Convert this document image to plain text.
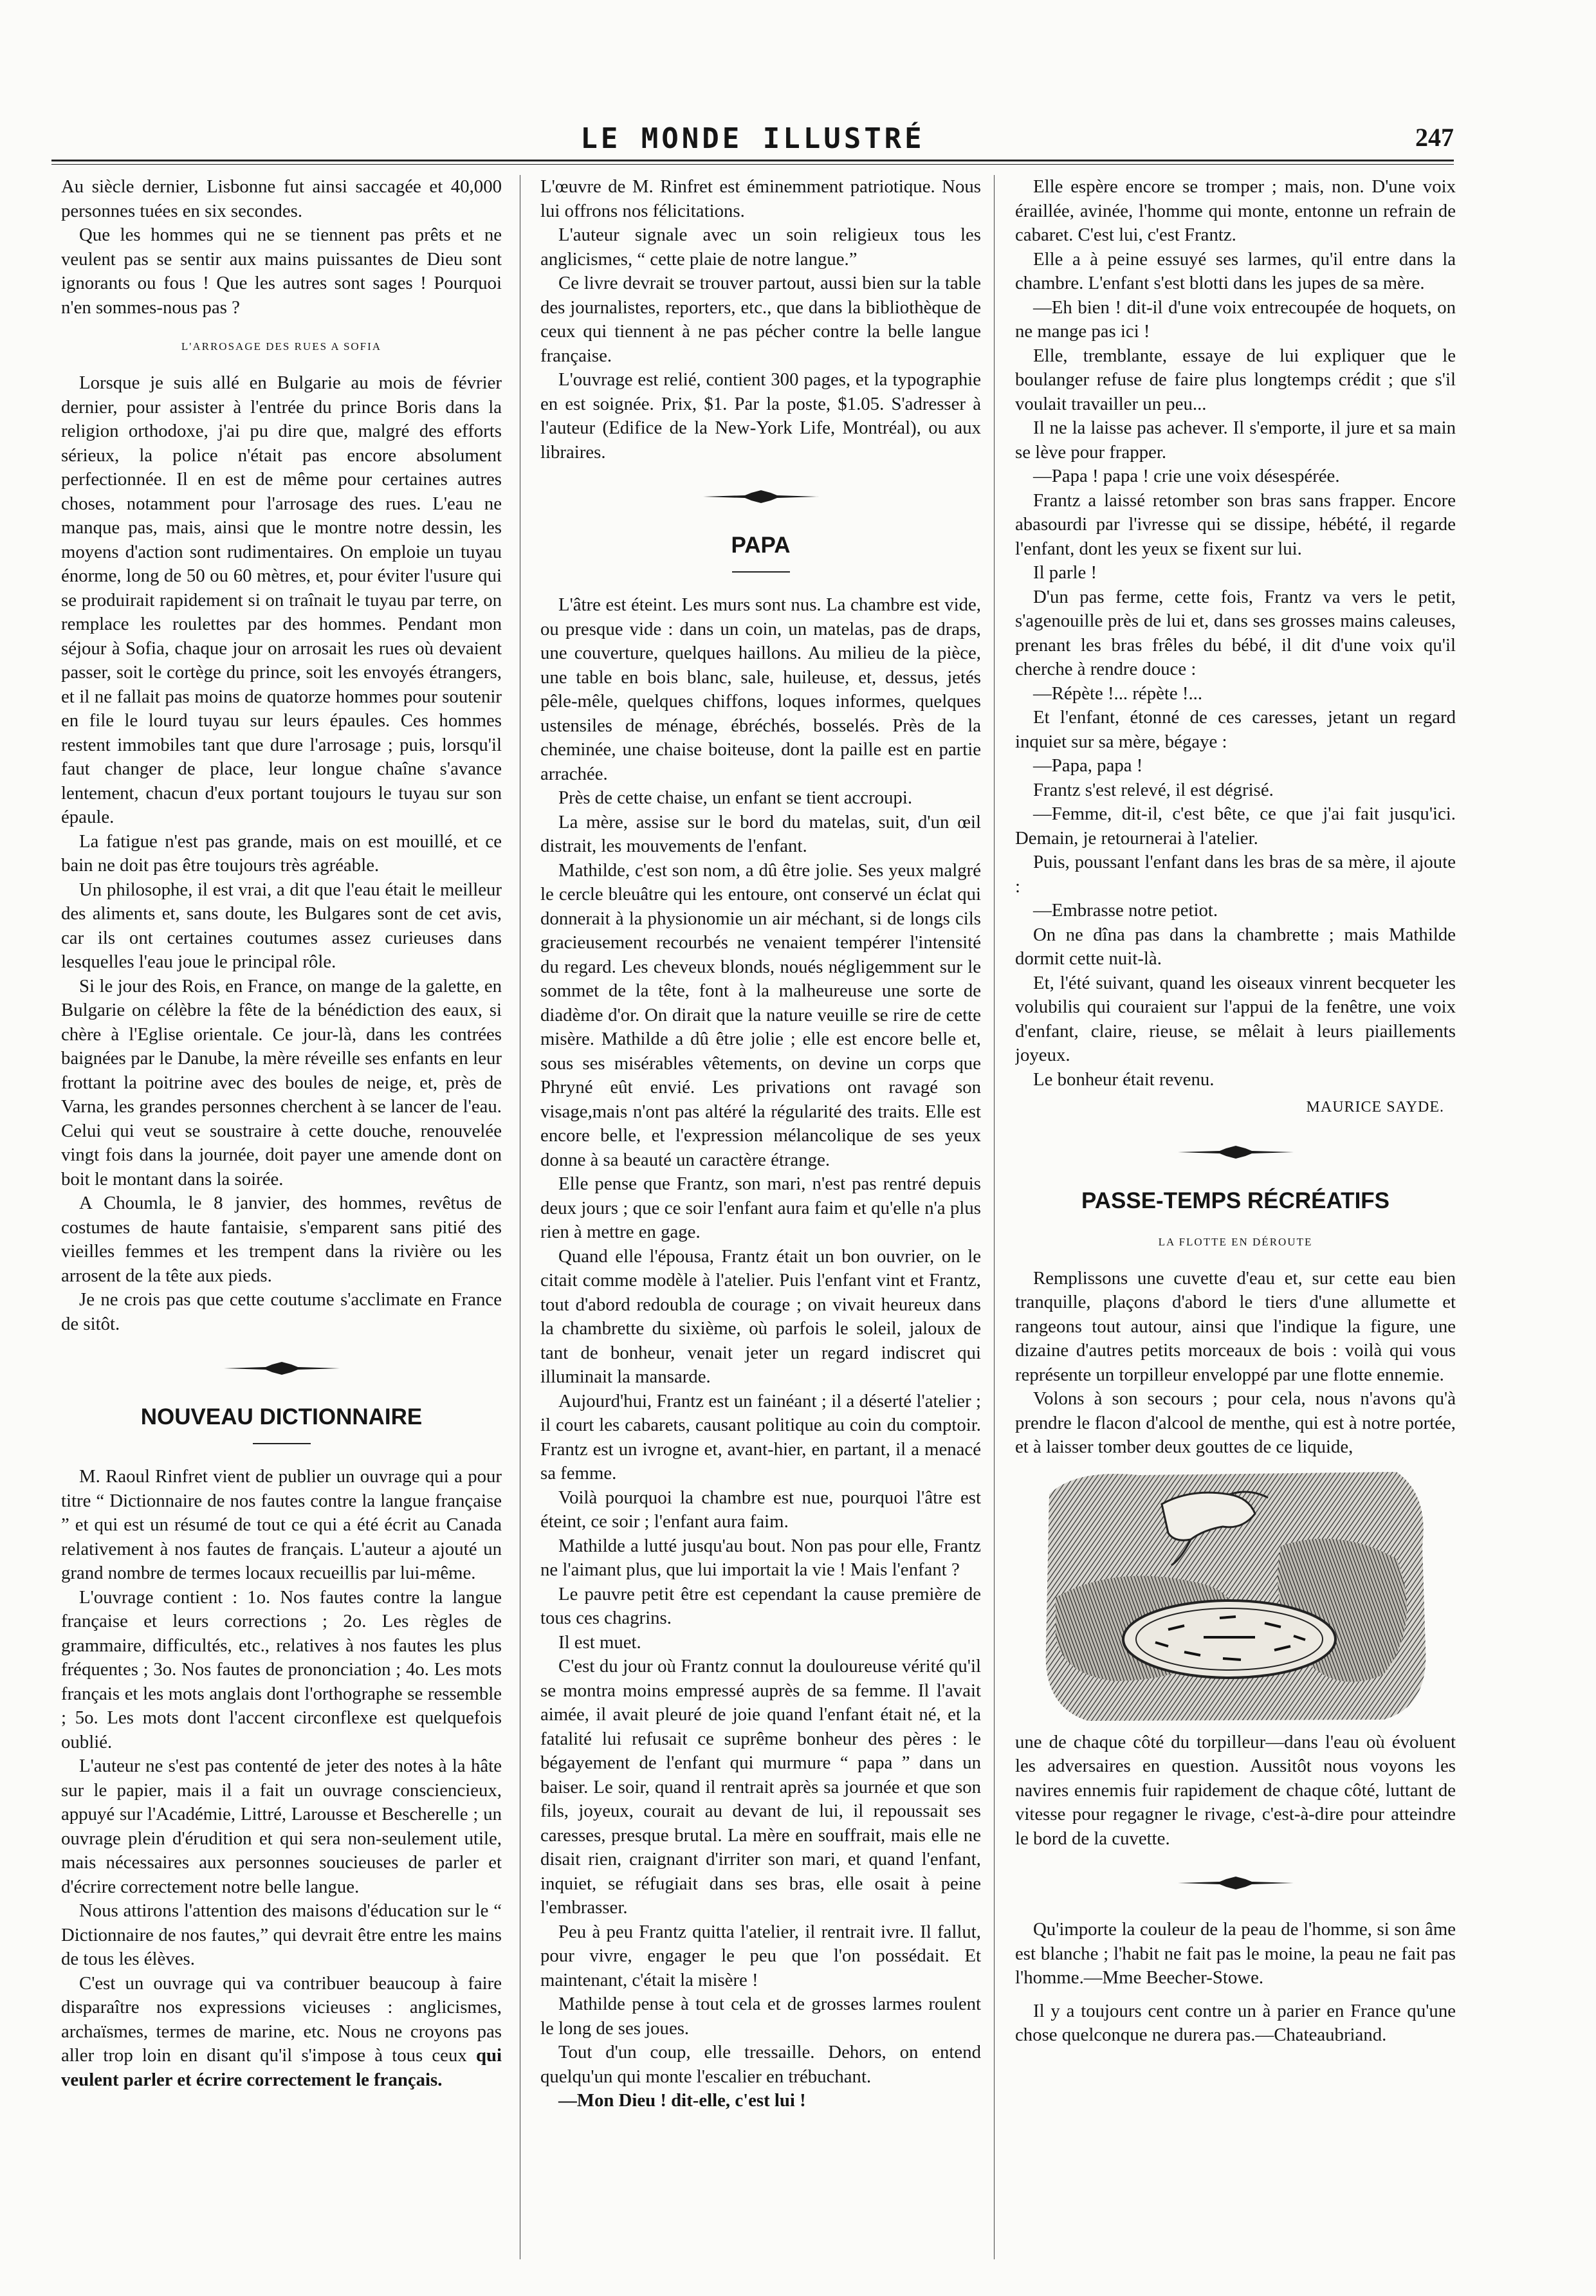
LE MONDE ILLUSTRÉ	247

Au siècle dernier, Lisbonne fut ainsi saccagée et 40,000 personnes tuées en six secondes.

Que les hommes qui ne se tiennent pas prêts et ne veulent pas se sentir aux mains puissantes de Dieu sont ignorants ou fous ! Que les autres sont sages ! Pourquoi n'en sommes-nous pas ?

L'ARROSAGE DES RUES A SOFIA

Lorsque je suis allé en Bulgarie au mois de février dernier, pour assister à l'entrée du prince Boris dans la religion orthodoxe, j'ai pu dire que, malgré des efforts sérieux, la police n'était pas encore absolument perfectionnée. Il en est de même pour certaines autres choses, notamment pour l'arrosage des rues. L'eau ne manque pas, mais, ainsi que le montre notre dessin, les moyens d'action sont rudimentaires. On emploie un tuyau énorme, long de 50 ou 60 mètres, et, pour éviter l'usure qui se produirait rapidement si on traînait le tuyau par terre, on remplace les roulettes par des hommes. Pendant mon séjour à Sofia, chaque jour on arrosait les rues où devaient passer, soit le cortège du prince, soit les envoyés étrangers, et il ne fallait pas moins de quatorze hommes pour soutenir en file le lourd tuyau sur leurs épaules. Ces hommes restent immobiles tant que dure l'arrosage ; puis, lorsqu'il faut changer de place, leur longue chaîne s'avance lentement, chacun d'eux portant toujours le tuyau sur son épaule.

La fatigue n'est pas grande, mais on est mouillé, et ce bain ne doit pas être toujours très agréable.

Un philosophe, il est vrai, a dit que l'eau était le meilleur des aliments et, sans doute, les Bulgares sont de cet avis, car ils ont certaines coutumes assez curieuses dans lesquelles l'eau joue le principal rôle.

Si le jour des Rois, en France, on mange de la galette, en Bulgarie on célèbre la fête de la bénédiction des eaux, si chère à l'Eglise orientale. Ce jour-là, dans les contrées baignées par le Danube, la mère réveille ses enfants en leur frottant la poitrine avec des boules de neige, et, près de Varna, les grandes personnes cherchent à se lancer de l'eau. Celui qui veut se soustraire à cette douche, renouvelée vingt fois dans la journée, doit payer une amende dont on boit le montant dans la soirée.

A Choumla, le 8 janvier, des hommes, revêtus de costumes de haute fantaisie, s'emparent sans pitié des vieilles femmes et les trempent dans la rivière ou les arrosent de la tête aux pieds.

Je ne crois pas que cette coutume s'acclimate en France de sitôt.

NOUVEAU DICTIONNAIRE

M. Raoul Rinfret vient de publier un ouvrage qui a pour titre “ Dictionnaire de nos fautes contre la langue française ” et qui est un résumé de tout ce qui a été écrit au Canada relativement à nos fautes de français. L'auteur a ajouté un grand nombre de termes locaux recueillis par lui-même.

L'ouvrage contient : 1o. Nos fautes contre la langue française et leurs corrections ; 2o. Les règles de grammaire, difficultés, etc., relatives à nos fautes les plus fréquentes ; 3o. Nos fautes de prononciation ; 4o. Les mots français et les mots anglais dont l'orthographe se ressemble ; 5o. Les mots dont l'accent circonflexe est quelquefois oublié.

L'auteur ne s'est pas contenté de jeter des notes à la hâte sur le papier, mais il a fait un ouvrage consciencieux, appuyé sur l'Académie, Littré, Larousse et Bescherelle ; un ouvrage plein d'érudition et qui sera non-seulement utile, mais nécessaires aux personnes soucieuses de parler et d'écrire correctement notre belle langue.

Nous attirons l'attention des maisons d'éducation sur le “ Dictionnaire de nos fautes,” qui devrait être entre les mains de tous les élèves.

C'est un ouvrage qui va contribuer beaucoup à faire disparaître nos expressions vicieuses : anglicismes, archaïsmes, termes de marine, etc. Nous ne croyons pas aller trop loin en disant qu'il s'impose à tous ceux qui veulent parler et écrire correctement le français.

L'œuvre de M. Rinfret est éminemment patriotique. Nous lui offrons nos félicitations.

L'auteur signale avec un soin religieux tous les anglicismes, “ cette plaie de notre langue.”

Ce livre devrait se trouver partout, aussi bien sur la table des journalistes, reporters, etc., que dans la bibliothèque de ceux qui tiennent à ne pas pécher contre la belle langue française.

L'ouvrage est relié, contient 300 pages, et la typographie en est soignée. Prix, $1. Par la poste, $1.05. S'adresser à l'auteur (Edifice de la New-York Life, Montréal), ou aux libraires.

PAPA

L'âtre est éteint. Les murs sont nus. La chambre est vide, ou presque vide : dans un coin, un matelas, pas de draps, une couverture, quelques haillons. Au milieu de la pièce, une table en bois blanc, sale, huileuse, et, dessus, jetés pêle-mêle, quelques chiffons, loques informes, quelques ustensiles de ménage, ébréchés, bosselés. Près de la cheminée, une chaise boiteuse, dont la paille est en partie arrachée.

Près de cette chaise, un enfant se tient accroupi.

La mère, assise sur le bord du matelas, suit, d'un œil distrait, les mouvements de l'enfant.

Mathilde, c'est son nom, a dû être jolie. Ses yeux malgré le cercle bleuâtre qui les entoure, ont conservé un éclat qui donnerait à la physionomie un air méchant, si de longs cils gracieusement recourbés ne venaient tempérer l'intensité du regard. Les cheveux blonds, noués négligemment sur le sommet de la tête, font à la malheureuse une sorte de diadème d'or. On dirait que la nature veuille se rire de cette misère. Mathilde a dû être jolie ; elle est encore belle et, sous ses misérables vêtements, on devine un corps que Phryné eût envié. Les privations ont ravagé son visage,mais n'ont pas altéré la régularité des traits. Elle est encore belle, et l'expression mélancolique de ses yeux donne à sa beauté un caractère étrange.

Elle pense que Frantz, son mari, n'est pas rentré depuis deux jours ; que ce soir l'enfant aura faim et qu'elle n'a plus rien à mettre en gage.

Quand elle l'épousa, Frantz était un bon ouvrier, on le citait comme modèle à l'atelier. Puis l'enfant vint et Frantz, tout d'abord redoubla de courage ; on vivait heureux dans la chambrette du sixième, où parfois le soleil, jaloux de tant de bonheur, venait jeter un regard indiscret qui illuminait la mansarde.

Aujourd'hui, Frantz est un fainéant ; il a déserté l'atelier ; il court les cabarets, causant politique au coin du comptoir. Frantz est un ivrogne et, avant-hier, en partant, il a menacé sa femme.

Voilà pourquoi la chambre est nue, pourquoi l'âtre est éteint, ce soir ; l'enfant aura faim.

Mathilde a lutté jusqu'au bout. Non pas pour elle, Frantz ne l'aimant plus, que lui importait la vie ! Mais l'enfant ?

Le pauvre petit être est cependant la cause première de tous ces chagrins.

Il est muet.

C'est du jour où Frantz connut la douloureuse vérité qu'il se montra moins empressé auprès de sa femme. Il l'avait aimée, il avait pleuré de joie quand l'enfant était né, et la fatalité lui refusait ce suprême bonheur des pères : le bégayement de l'enfant qui murmure “ papa ” dans un baiser. Le soir, quand il rentrait après sa journée et que son fils, joyeux, courait au devant de lui, il repoussait ses caresses, presque brutal. La mère en souffrait, mais elle ne disait rien, craignant d'irriter son mari, et quand l'enfant, inquiet, se réfugiait dans ses bras, elle osait à peine l'embrasser.

Peu à peu Frantz quitta l'atelier, il rentrait ivre. Il fallut, pour vivre, engager le peu que l'on possédait. Et maintenant, c'était la misère !

Mathilde pense à tout cela et de grosses larmes roulent le long de ses joues.

Tout d'un coup, elle tressaille. Dehors, on entend quelqu'un qui monte l'escalier en trébuchant.

—Mon Dieu ! dit-elle, c'est lui !

Elle espère encore se tromper ; mais, non. D'une voix éraillée, avinée, l'homme qui monte, entonne un refrain de cabaret. C'est lui, c'est Frantz.

Elle a à peine essuyé ses larmes, qu'il entre dans la chambre. L'enfant s'est blotti dans les jupes de sa mère.

—Eh bien ! dit-il d'une voix entrecoupée de hoquets, on ne mange pas ici !

Elle, tremblante, essaye de lui expliquer que le boulanger refuse de faire plus longtemps crédit ; que s'il voulait travailler un peu...

Il ne la laisse pas achever. Il s'emporte, il jure et sa main se lève pour frapper.

—Papa ! papa ! crie une voix désespérée.

Frantz a laissé retomber son bras sans frapper. Encore abasourdi par l'ivresse qui se dissipe, hébété, il regarde l'enfant, dont les yeux se fixent sur lui.

Il parle !

D'un pas ferme, cette fois, Frantz va vers le petit, s'agenouille près de lui et, dans ses grosses mains caleuses, prenant les bras frêles du bébé, il dit d'une voix qu'il cherche à rendre douce :

—Répète !... répète !...

Et l'enfant, étonné de ces caresses, jetant un regard inquiet sur sa mère, bégaye :

—Papa, papa !

Frantz s'est relevé, il est dégrisé.

—Femme, dit-il, c'est bête, ce que j'ai fait jusqu'ici. Demain, je retournerai à l'atelier.

Puis, poussant l'enfant dans les bras de sa mère, il ajoute :

—Embrasse notre petiot.

On ne dîna pas dans la chambrette ; mais Mathilde dormit cette nuit-là.

Et, l'été suivant, quand les oiseaux vinrent becqueter les volubilis qui couraient sur l'appui de la fenêtre, une voix d'enfant, claire, rieuse, se mêlait à leurs piaillements joyeux.

Le bonheur était revenu.

MAURICE SAYDE.

PASSE-TEMPS RÉCRÉATIFS
LA FLOTTE EN DÉROUTE

Remplissons une cuvette d'eau et, sur cette eau bien tranquille, plaçons d'abord le tiers d'une allumette et rangeons tout autour, ainsi que l'indique la figure, une dizaine d'autres petits morceaux de bois : voilà qui vous représente un torpilleur enveloppé par une flotte ennemie.

Volons à son secours ; pour cela, nous n'avons qu'à prendre le flacon d'alcool de menthe, qui est à notre portée, et à laisser tomber deux gouttes de ce liquide,

une de chaque côté du torpilleur—dans l'eau où évoluent les adversaires en question. Aussitôt nous voyons les navires ennemis fuir rapidement de chaque côté, luttant de vitesse pour regagner le rivage, c'est-à-dire pour atteindre le bord de la cuvette.

Qu'importe la couleur de la peau de l'homme, si son âme est blanche ; l'habit ne fait pas le moine, la peau ne fait pas l'homme.—Mme Beecher-Stowe.

Il y a toujours cent contre un à parier en France qu'une chose quelconque ne durera pas.—Chateaubriand.
